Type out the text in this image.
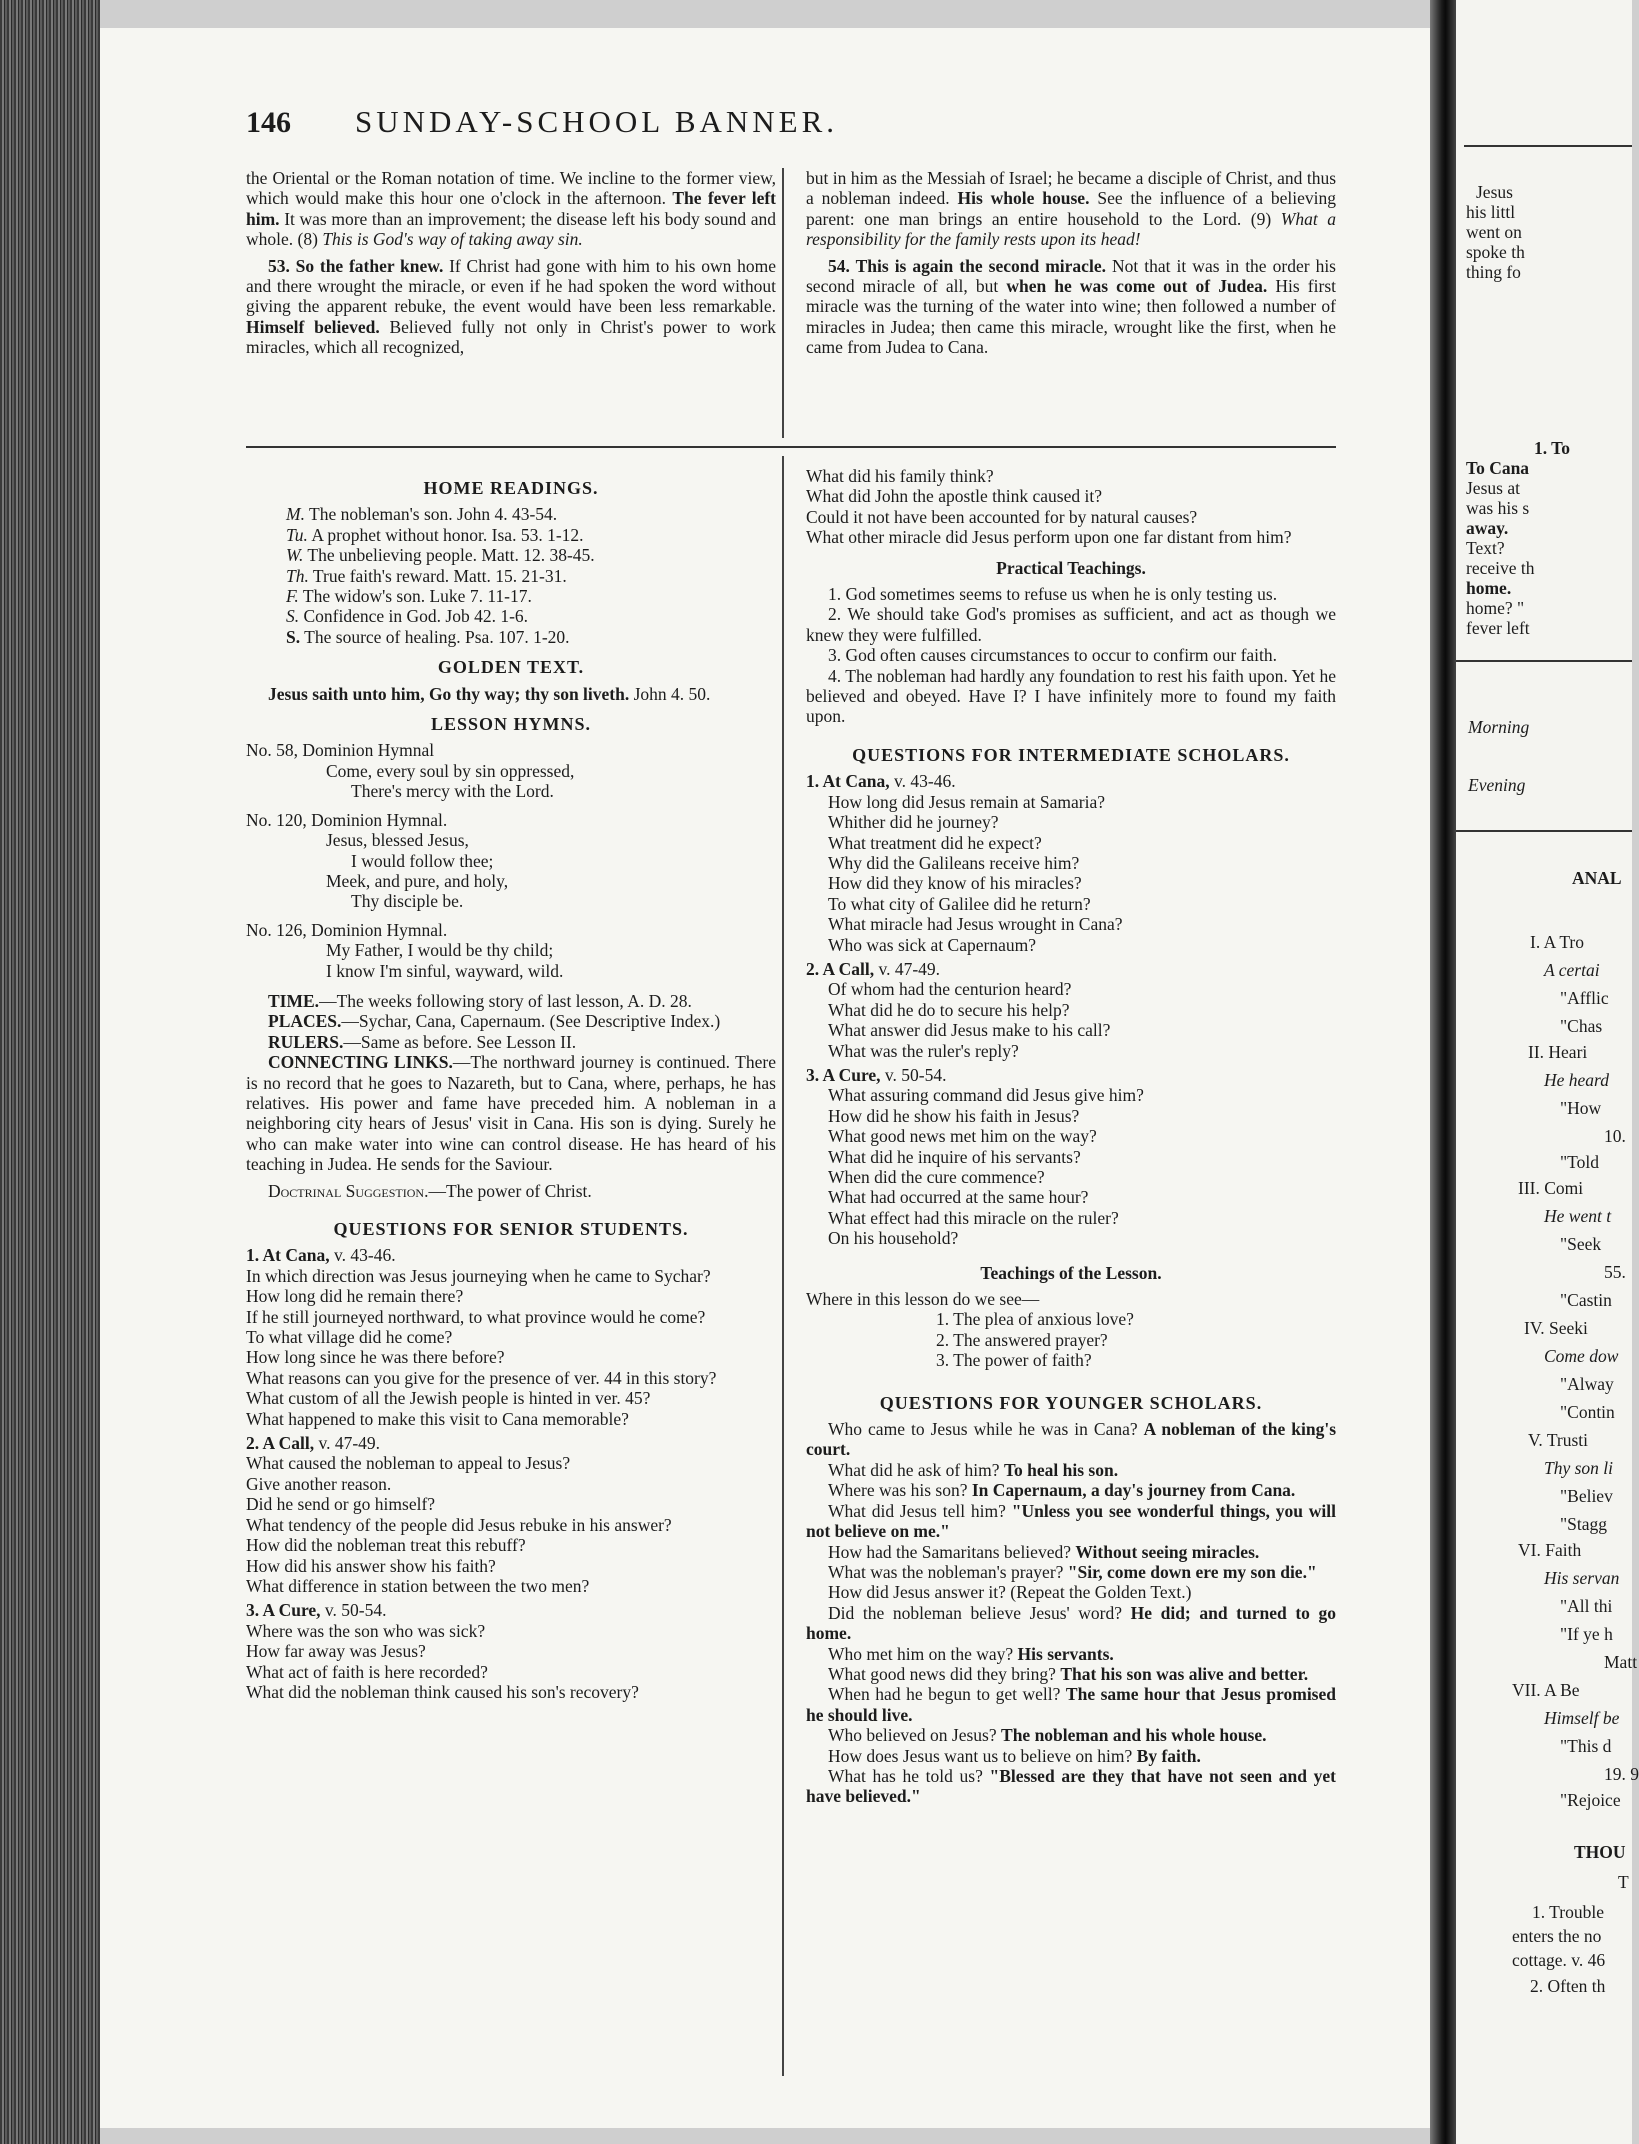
146 SUNDAY-SCHOOL BANNER.

the Oriental or the Roman notation of time. We incline to the former view, which would make this hour one o'clock in the afternoon. The fever left him. It was more than an improvement; the disease left his body sound and whole. (8) This is God's way of taking away sin.

53. So the father knew. If Christ had gone with him to his own home and there wrought the miracle, or even if he had spoken the word without giving the apparent rebuke, the event would have been less remarkable. Himself believed. Believed fully not only in Christ's power to work miracles, which all recognized,

but in him as the Messiah of Israel; he became a disciple of Christ, and thus a nobleman indeed. His whole house. See the influence of a believing parent: one man brings an entire household to the Lord. (9) What a responsibility for the family rests upon its head!

54. This is again the second miracle. Not that it was in the order his second miracle of all, but when he was come out of Judea. His first miracle was the turning of the water into wine; then followed a number of miracles in Judea; then came this miracle, wrought like the first, when he came from Judea to Cana.

HOME READINGS.
M. The nobleman's son. John 4. 43-54.
Tu. A prophet without honor. Isa. 53. 1-12.
W. The unbelieving people. Matt. 12. 38-45.
Th. True faith's reward. Matt. 15. 21-31.
F. The widow's son. Luke 7. 11-17.
S. Confidence in God. Job 42. 1-6.
S. The source of healing. Psa. 107. 1-20.
GOLDEN TEXT.

Jesus saith unto him, Go thy way; thy son liveth. John 4. 50.

LESSON HYMNS.

No. 58, Dominion Hymnal

Come, every soul by sin oppressed,
There's mercy with the Lord.

No. 120, Dominion Hymnal.

Jesus, blessed Jesus,
I would follow thee;
Meek, and pure, and holy,
Thy disciple be.

No. 126, Dominion Hymnal.

My Father, I would be thy child;
I know I'm sinful, wayward, wild.

TIME.—The weeks following story of last lesson, A. D. 28.

PLACES.—Sychar, Cana, Capernaum. (See Descriptive Index.)

RULERS.—Same as before. See Lesson II.

CONNECTING LINKS.—The northward journey is continued. There is no record that he goes to Nazareth, but to Cana, where, perhaps, he has relatives. His power and fame have preceded him. A nobleman in a neighboring city hears of Jesus' visit in Cana. His son is dying. Surely he who can make water into wine can control disease. He has heard of his teaching in Judea. He sends for the Saviour.

Doctrinal Suggestion.—The power of Christ.

QUESTIONS FOR SENIOR STUDENTS.

1. At Cana, v. 43-46.

In which direction was Jesus journeying when he came to Sychar?
How long did he remain there?
If he still journeyed northward, to what province would he come?
To what village did he come?
How long since he was there before?
What reasons can you give for the presence of ver. 44 in this story?
What custom of all the Jewish people is hinted in ver. 45?
What happened to make this visit to Cana memorable?

2. A Call, v. 47-49.

What caused the nobleman to appeal to Jesus?
Give another reason.
Did he send or go himself?
What tendency of the people did Jesus rebuke in his answer?
How did the nobleman treat this rebuff?
How did his answer show his faith?
What difference in station between the two men?

3. A Cure, v. 50-54.

Where was the son who was sick?
How far away was Jesus?
What act of faith is here recorded?
What did the nobleman think caused his son's recovery?
What did his family think?
What did John the apostle think caused it?
Could it not have been accounted for by natural causes?
What other miracle did Jesus perform upon one far distant from him?
Practical Teachings.

1. God sometimes seems to refuse us when he is only testing us.

2. We should take God's promises as sufficient, and act as though we knew they were fulfilled.

3. God often causes circumstances to occur to confirm our faith.

4. The nobleman had hardly any foundation to rest his faith upon. Yet he believed and obeyed. Have I? I have infinitely more to found my faith upon.

QUESTIONS FOR INTERMEDIATE SCHOLARS.

1. At Cana, v. 43-46.

How long did Jesus remain at Samaria?
Whither did he journey?
What treatment did he expect?
Why did the Galileans receive him?
How did they know of his miracles?
To what city of Galilee did he return?
What miracle had Jesus wrought in Cana?
Who was sick at Capernaum?

2. A Call, v. 47-49.

Of whom had the centurion heard?
What did he do to secure his help?
What answer did Jesus make to his call?
What was the ruler's reply?

3. A Cure, v. 50-54.

What assuring command did Jesus give him?
How did he show his faith in Jesus?
What good news met him on the way?
What did he inquire of his servants?
When did the cure commence?
What had occurred at the same hour?
What effect had this miracle on the ruler?
On his household?
Teachings of the Lesson.

Where in this lesson do we see—

1. The plea of anxious love?
2. The answered prayer?
3. The power of faith?
QUESTIONS FOR YOUNGER SCHOLARS.

Who came to Jesus while he was in Cana? A nobleman of the king's court.

What did he ask of him? To heal his son.

Where was his son? In Capernaum, a day's journey from Cana.

What did Jesus tell him? "Unless you see wonderful things, you will not believe on me."

How had the Samaritans believed? Without seeing miracles.

What was the nobleman's prayer? "Sir, come down ere my son die."

How did Jesus answer it? (Repeat the Golden Text.)

Did the nobleman believe Jesus' word? He did; and turned to go home.

Who met him on the way? His servants.

What good news did they bring? That his son was alive and better.

When had he begun to get well? The same hour that Jesus promised he should live.

Who believed on Jesus? The nobleman and his whole house.

How does Jesus want us to believe on him? By faith.

What has he told us? "Blessed are they that have not seen and yet have believed."

Jesus
his littl
went on
spoke th
thing fo
1. To
To Cana
Jesus at
was his s
away.
Text?
receive th
home.
home? "
fever left
Morning
Evening
ANAL
I. A Tro
A certai
"Afflic
"Chas
II. Heari
He heard
"How
10.
"Told
III. Comi
He went t
"Seek
55.
"Castin
IV. Seeki
Come dow
"Alway
"Contin
V. Trusti
Thy son li
"Believ
"Stagg
VI. Faith
His servan
"All thi
"If ye h
Matt
VII. A Be
Himself be
"This d
19. 9
"Rejoice
THOU
T
1. Trouble
enters the no
cottage. v. 46
2. Often th
